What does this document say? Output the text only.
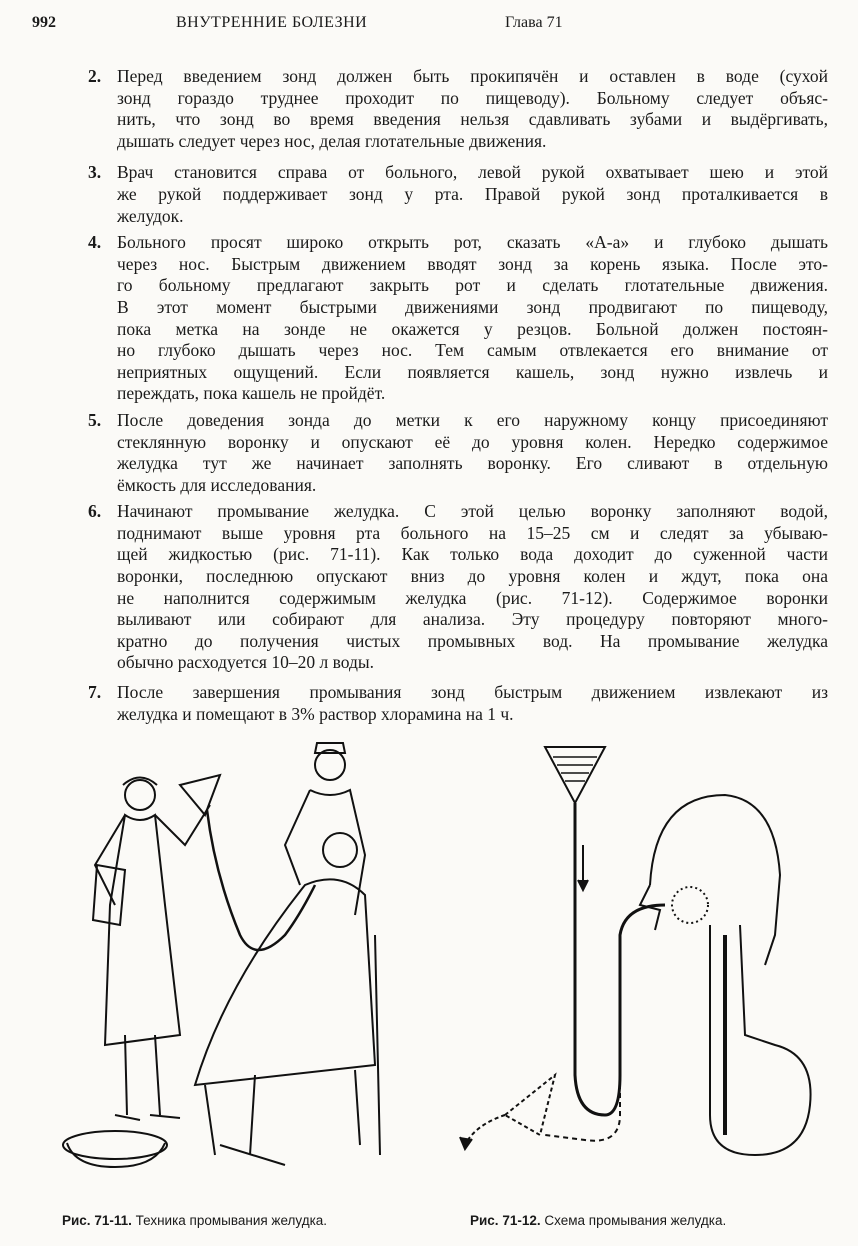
992	ВНУТРЕННИЕ БОЛЕЗНИ	Глава 71
2. Перед введением зонд должен быть прокипячён и оставлен в воде (сухой
зонд гораздо труднее проходит по пищеводу). Больному следует объяс-
нить, что зонд во время введения нельзя сдавливать зубами и выдёргивать,
дышать следует через нос, делая глотательные движения.
3. Врач становится справа от больного, левой рукой охватывает шею и этой
же рукой поддерживает зонд у рта. Правой рукой зонд проталкивается в
желудок.
4. Больного просят широко открыть рот, сказать «А-а» и глубоко дышать
через нос. Быстрым движением вводят зонд за корень языка. После это-
го больному предлагают закрыть рот и сделать глотательные движения.
В этот момент быстрыми движениями зонд продвигают по пищеводу,
пока метка на зонде не окажется у резцов. Больной должен постоян-
но глубоко дышать через нос. Тем самым отвлекается его внимание от
неприятных ощущений. Если появляется кашель, зонд нужно извлечь и
переждать, пока кашель не пройдёт.
5. После доведения зонда до метки к его наружному концу присоединяют
стеклянную воронку и опускают её до уровня колен. Нередко содержимое
желудка тут же начинает заполнять воронку. Его сливают в отдельную
ёмкость для исследования.
6. Начинают промывание желудка. С этой целью воронку заполняют водой,
поднимают выше уровня рта больного на 15–25 см и следят за убываю-
щей жидкостью (рис. 71-11). Как только вода доходит до суженной части
воронки, последнюю опускают вниз до уровня колен и ждут, пока она
не наполнится содержимым желудка (рис. 71-12). Содержимое воронки
выливают или собирают для анализа. Эту процедуру повторяют много-
кратно до получения чистых промывных вод. На промывание желудка
обычно расходуется 10–20 л воды.
7. После завершения промывания зонд быстрым движением извлекают из
желудка и помещают в 3% раствор хлорамина на 1 ч.
Рис. 71-11. Техника промывания желудка.	Рис. 71-12. Схема промывания желудка.
